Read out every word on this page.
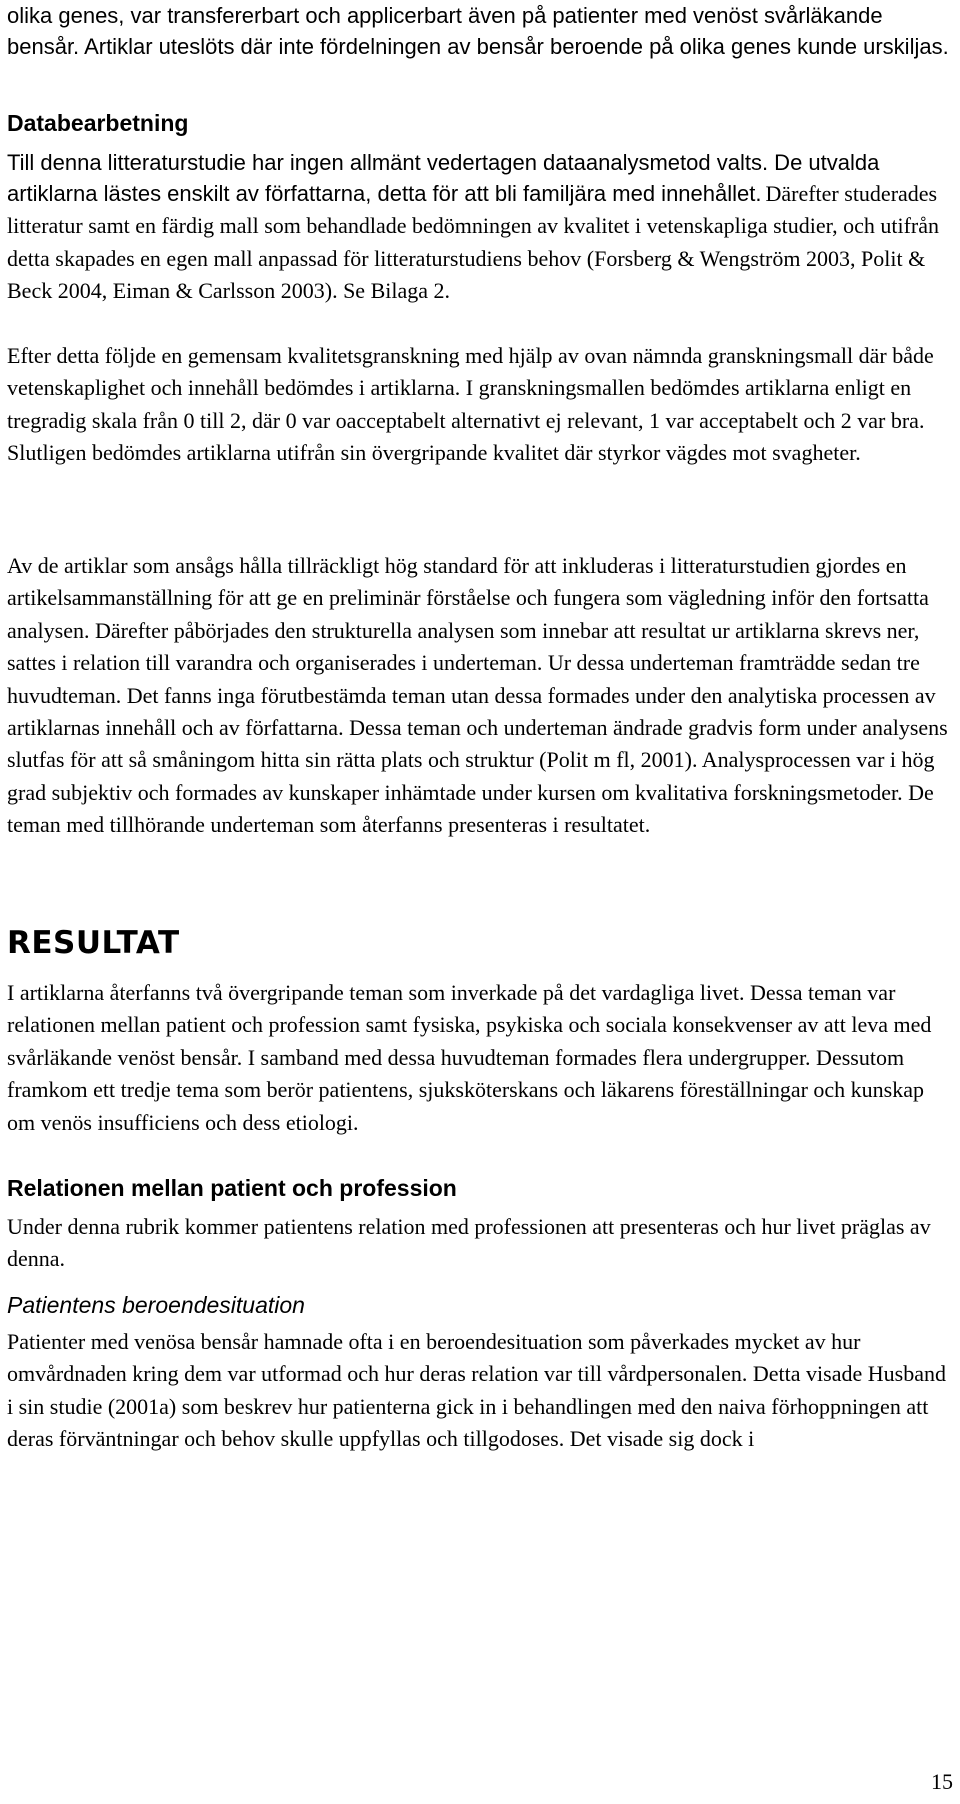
olika genes, var transfererbart och applicerbart även på patienter med venöst svårläkande bensår. Artiklar uteslöts där inte fördelningen av bensår beroende på olika genes kunde urskiljas.

Databearbetning

Till denna litteraturstudie har ingen allmänt vedertagen dataanalysmetod valts. De utvalda artiklarna lästes enskilt av författarna, detta för att bli familjära med innehållet. Därefter studerades litteratur samt en färdig mall som behandlade bedömningen av kvalitet i vetenskapliga studier, och utifrån detta skapades en egen mall anpassad för litteraturstudiens behov (Forsberg & Wengström 2003, Polit & Beck 2004, Eiman & Carlsson 2003). Se Bilaga 2.

Efter detta följde en gemensam kvalitetsgranskning med hjälp av ovan nämnda granskningsmall där både vetenskaplighet och innehåll bedömdes i artiklarna. I granskningsmallen bedömdes artiklarna enligt en tregradig skala från 0 till 2, där 0 var oacceptabelt alternativt ej relevant, 1 var acceptabelt och 2 var bra. Slutligen bedömdes artiklarna utifrån sin övergripande kvalitet där styrkor vägdes mot svagheter.

Av de artiklar som ansågs hålla tillräckligt hög standard för att inkluderas i litteraturstudien gjordes en artikelsammanställning för att ge en preliminär förståelse och fungera som vägledning inför den fortsatta analysen. Därefter påbörjades den strukturella analysen som innebar att resultat ur artiklarna skrevs ner, sattes i relation till varandra och organiserades i underteman. Ur dessa underteman framträdde sedan tre huvudteman. Det fanns inga förutbestämda teman utan dessa formades under den analytiska processen av artiklarnas innehåll och av författarna. Dessa teman och underteman ändrade gradvis form under analysens slutfas för att så småningom hitta sin rätta plats och struktur (Polit m fl, 2001). Analysprocessen var i hög grad subjektiv och formades av kunskaper inhämtade under kursen om kvalitativa forskningsmetoder. De teman med tillhörande underteman som återfanns presenteras i resultatet.

RESULTAT

I artiklarna återfanns två övergripande teman som inverkade på det vardagliga livet. Dessa teman var relationen mellan patient och profession samt fysiska, psykiska och sociala konsekvenser av att leva med svårläkande venöst bensår. I samband med dessa huvudteman formades flera undergrupper. Dessutom framkom ett tredje tema som berör patientens, sjuksköterskans och läkarens föreställningar och kunskap om venös insufficiens och dess etiologi.

Relationen mellan patient och profession

Under denna rubrik kommer patientens relation med professionen att presenteras och hur livet präglas av denna.

Patientens beroendesituation

Patienter med venösa bensår hamnade ofta i en beroendesituation som påverkades mycket av hur omvårdnaden kring dem var utformad och hur deras relation var till vårdpersonalen. Detta visade Husband i sin studie (2001a) som beskrev hur patienterna gick in i behandlingen med den naiva förhoppningen att deras förväntningar och behov skulle uppfyllas och tillgodoses. Det visade sig dock i

15
